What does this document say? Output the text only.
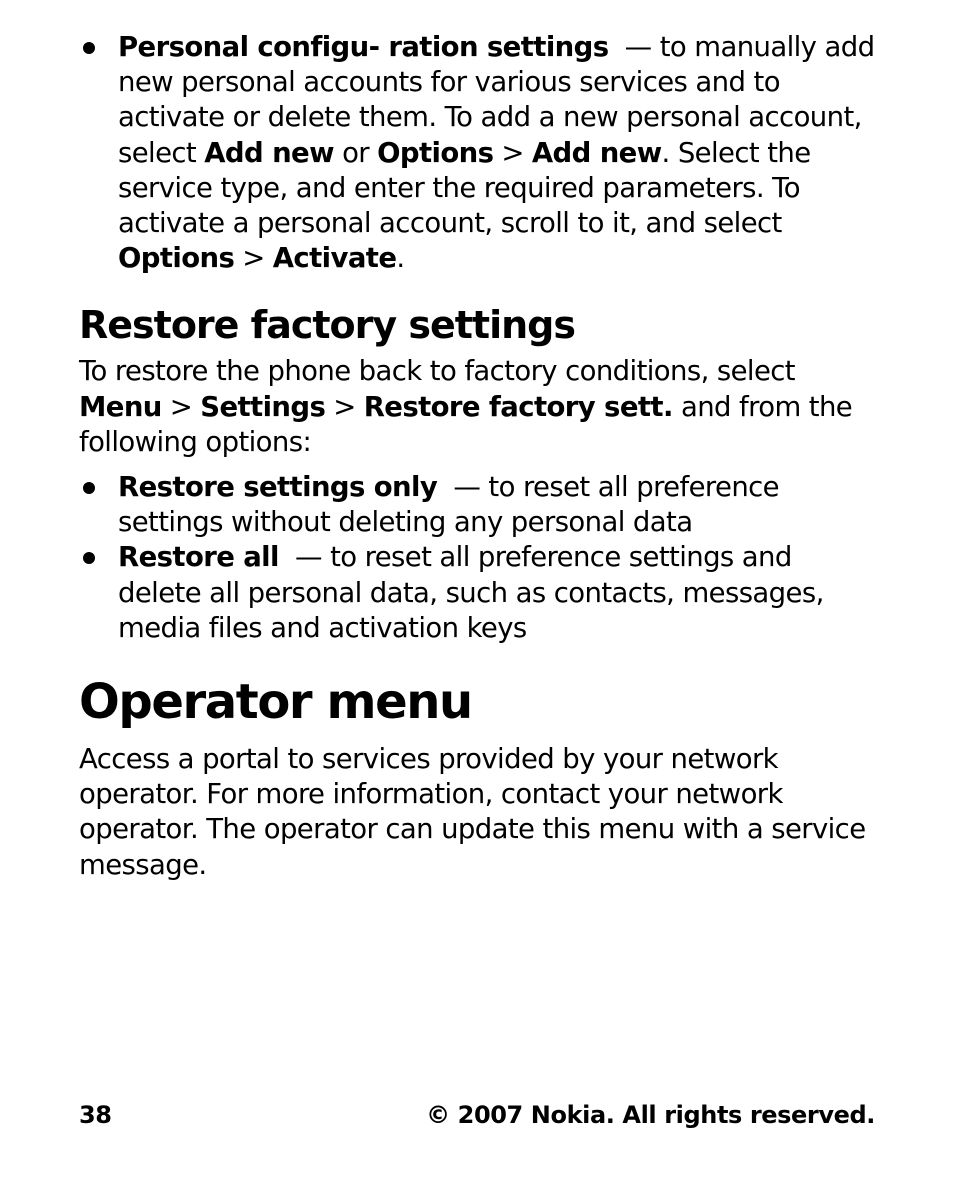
Personal configu- ration settings — to manually add new personal accounts for various services and to activate or delete them. To add a new personal account, select Add new or Options > Add new. Select the service type, and enter the required parameters. To activate a personal account, scroll to it, and select Options > Activate.
Restore factory settings

To restore the phone back to factory conditions, select Menu > Settings > Restore factory sett. and from the following options:

Restore settings only — to reset all preference settings without deleting any personal data
Restore all — to reset all preference settings and delete all personal data, such as contacts, messages, media files and activation keys
Operator menu

Access a portal to services provided by your network operator. For more information, contact your network operator. The operator can update this menu with a service message.

38	© 2007 Nokia. All rights reserved.
